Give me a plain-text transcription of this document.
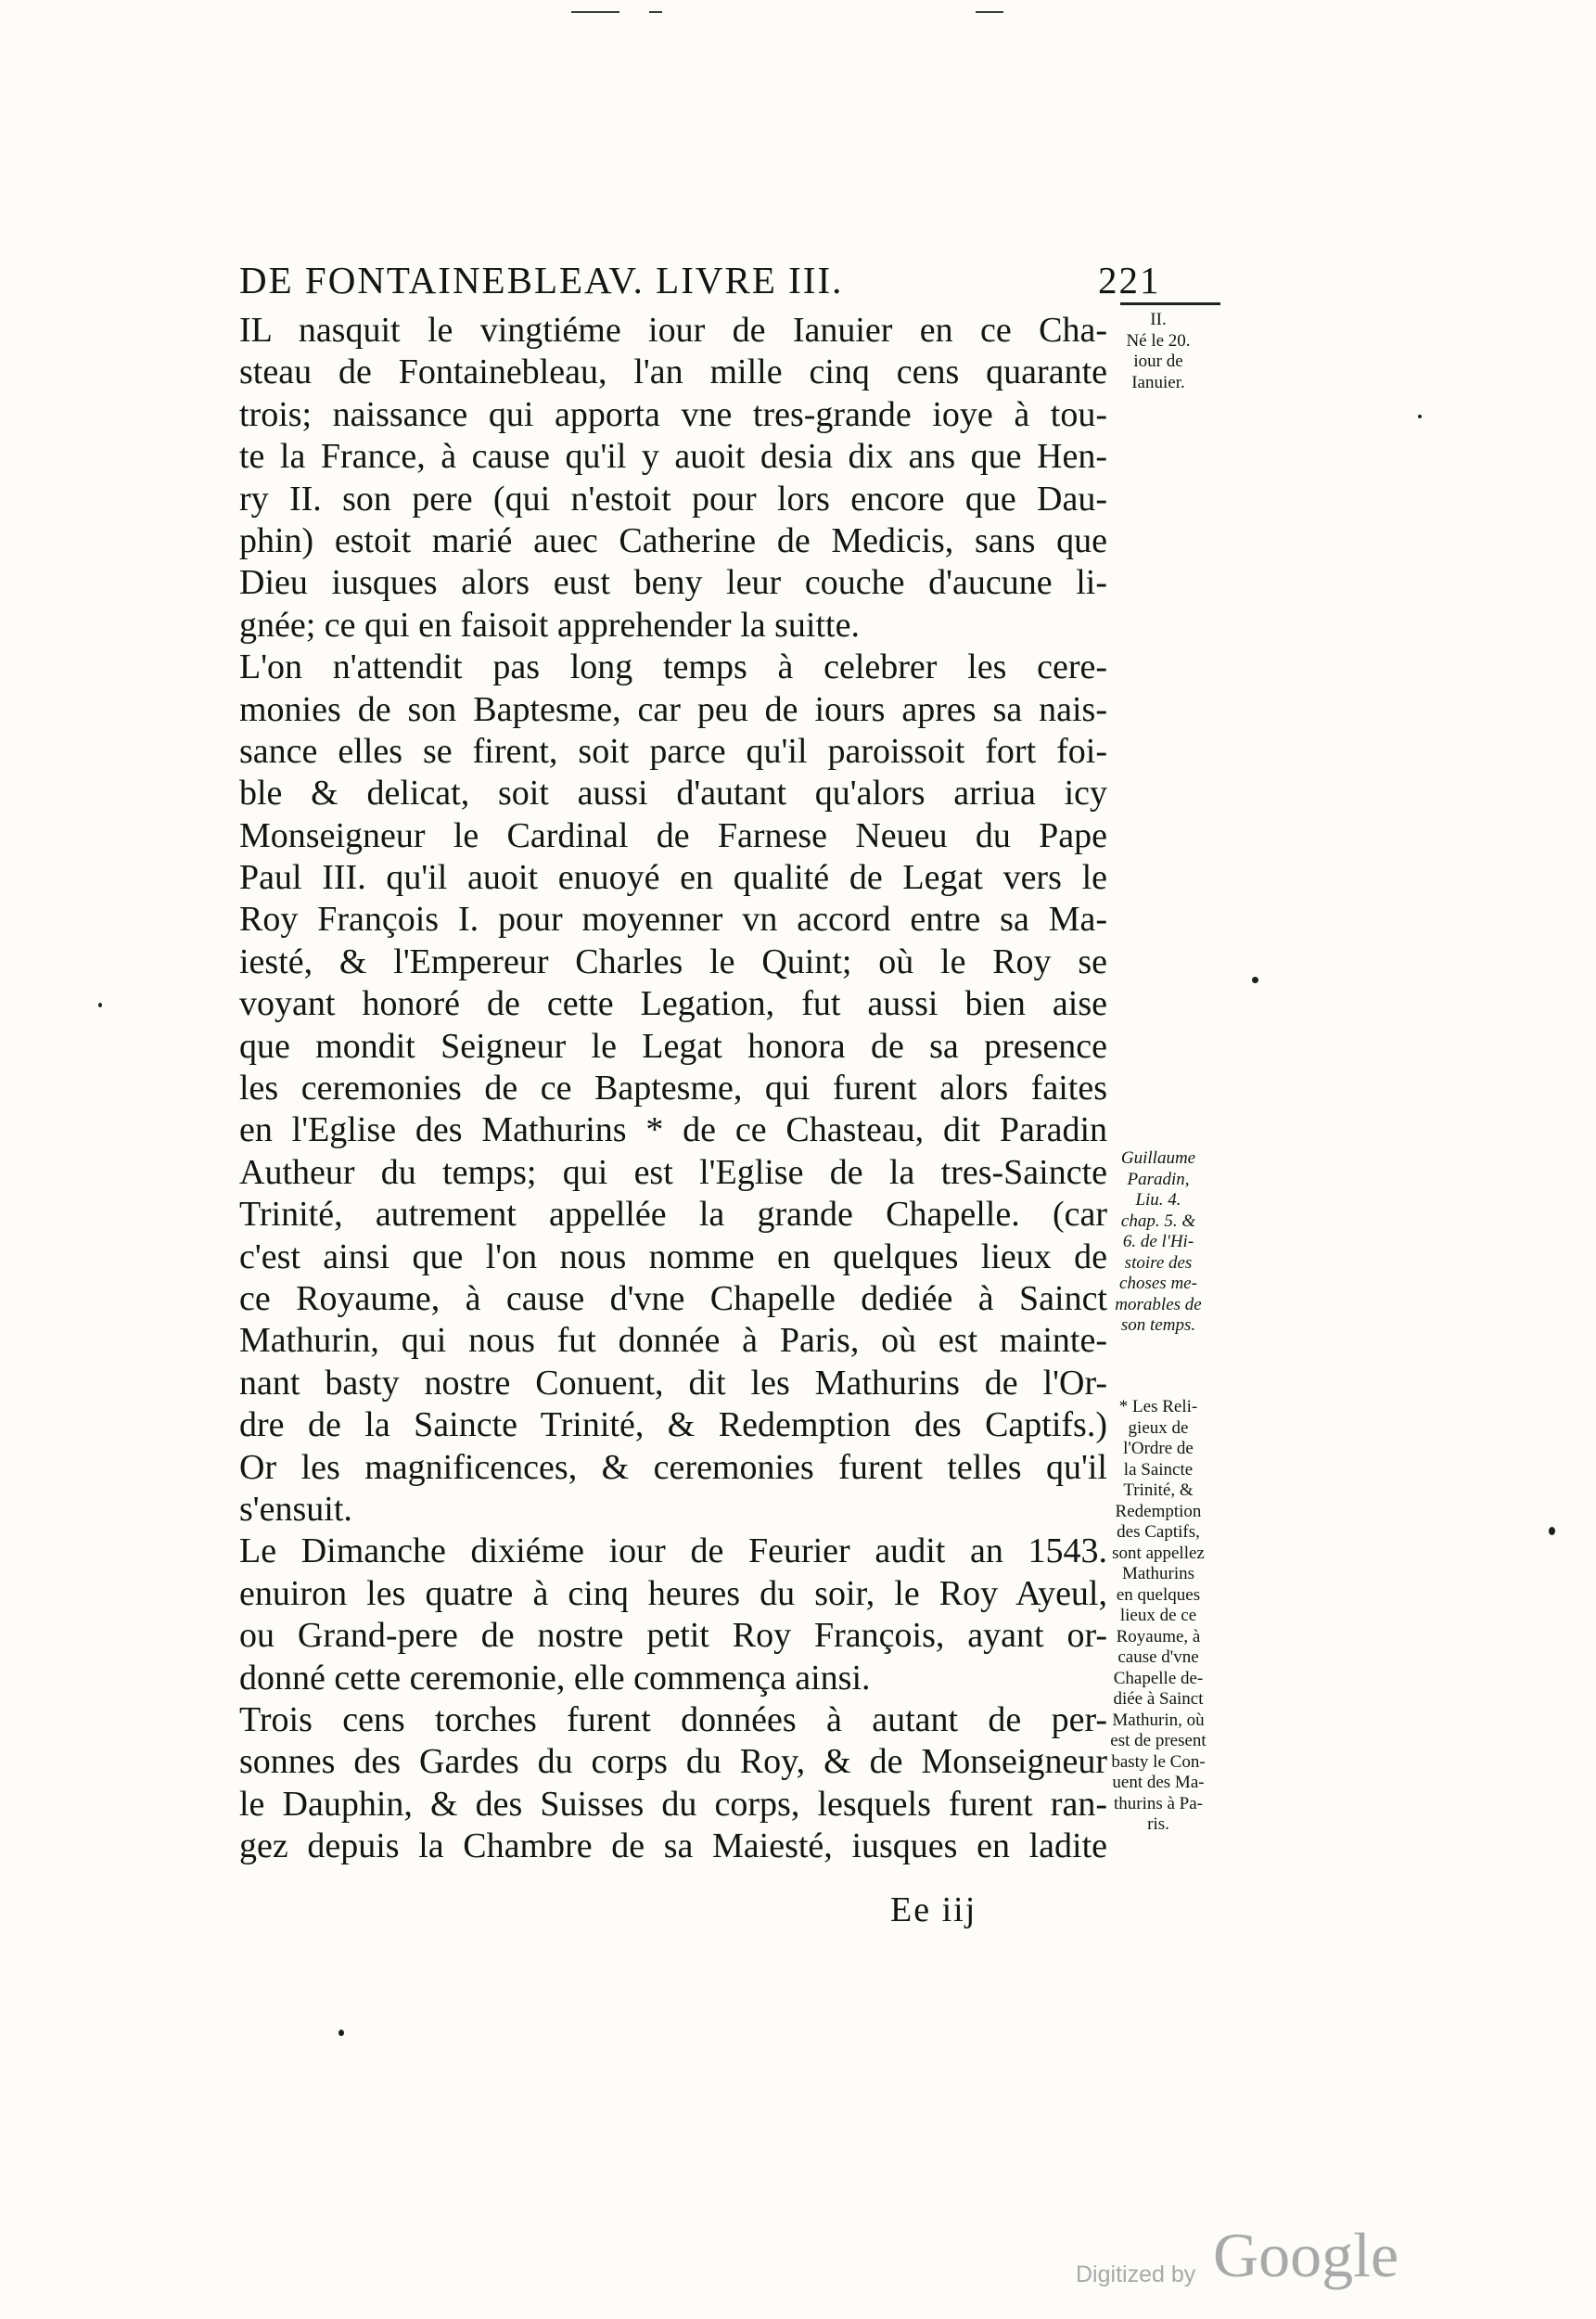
DE FONTAINEBLEAV. LIVRE III.	221
IL nasquit le vingtiéme iour de Ianuier en ce Cha-
steau de Fontainebleau, l'an mille cinq cens quarante
trois; naissance qui apporta vne tres-grande ioye à tou-
te la France, à cause qu'il y auoit desia dix ans que Hen-
ry II. son pere (qui n'estoit pour lors encore que Dau-
phin) estoit marié auec Catherine de Medicis, sans que
Dieu iusques alors eust beny leur couche d'aucune li-
gnée; ce qui en faisoit apprehender la suitte.
L'on n'attendit pas long temps à celebrer les cere-
monies de son Baptesme, car peu de iours apres sa nais-
sance elles se firent, soit parce qu'il paroissoit fort foi-
ble & delicat, soit aussi d'autant qu'alors arriua icy
Monseigneur le Cardinal de Farnese Neueu du Pape
Paul III. qu'il auoit enuoyé en qualité de Legat vers le
Roy François I. pour moyenner vn accord entre sa Ma-
iesté, & l'Empereur Charles le Quint; où le Roy se
voyant honoré de cette Legation, fut aussi bien aise
que mondit Seigneur le Legat honora de sa presence
les ceremonies de ce Baptesme, qui furent alors faites
en l'Eglise des Mathurins * de ce Chasteau, dit Paradin
Autheur du temps; qui est l'Eglise de la tres-Saincte
Trinité, autrement appellée la grande Chapelle. (car
c'est ainsi que l'on nous nomme en quelques lieux de
ce Royaume, à cause d'vne Chapelle dediée à Sainct
Mathurin, qui nous fut donnée à Paris, où est mainte-
nant basty nostre Conuent, dit les Mathurins de l'Or-
dre de la Saincte Trinité, & Redemption des Captifs.)
Or les magnificences, & ceremonies furent telles qu'il
s'ensuit.
Le Dimanche dixiéme iour de Feurier audit an 1543.
enuiron les quatre à cinq heures du soir, le Roy Ayeul,
ou Grand-pere de nostre petit Roy François, ayant or-
donné cette ceremonie, elle commença ainsi.
Trois cens torches furent données à autant de per-
sonnes des Gardes du corps du Roy, & de Monseigneur
le Dauphin, & des Suisses du corps, lesquels furent ran-
gez depuis la Chambre de sa Maiesté, iusques en ladite
II.
Né le 20.
iour de
Ianuier.
Guillaume
Paradin,
Liu. 4.
chap. 5. &
6. de l'Hi-
stoire des
choses me-
morables de
son temps.
* Les Reli-
gieux de
l'Ordre de
la Saincte
Trinité, &
Redemption
des Captifs,
sont appellez
Mathurins
en quelques
lieux de ce
Royaume, à
cause d'vne
Chapelle de-
diée à Sainct
Mathurin, où
est de present
basty le Con-
uent des Ma-
thurins à Pa-
ris.
Ee iij
Digitized by Google
